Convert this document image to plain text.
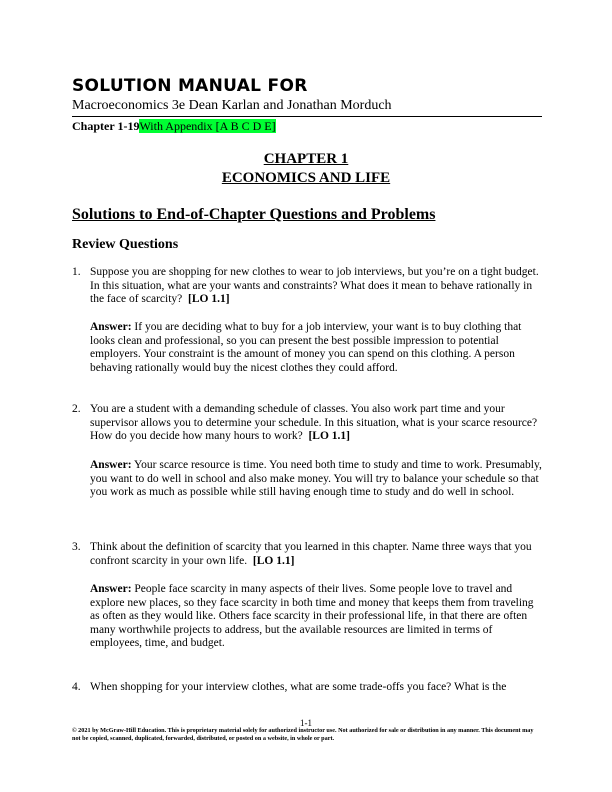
SOLUTION MANUAL FOR
Macroeconomics 3e Dean Karlan and Jonathan Morduch
Chapter 1-19With Appendix [A B C D E]
CHAPTER 1
ECONOMICS AND LIFE
Solutions to End-of-Chapter Questions and Problems
Review Questions
1. Suppose you are shopping for new clothes to wear to job interviews, but you’re on a tight budget. In this situation, what are your wants and constraints? What does it mean to behave rationally in the face of scarcity? [LO 1.1]
Answer: If you are deciding what to buy for a job interview, your want is to buy clothing that looks clean and professional, so you can present the best possible impression to potential employers. Your constraint is the amount of money you can spend on this clothing. A person behaving rationally would buy the nicest clothes they could afford.
2. You are a student with a demanding schedule of classes. You also work part time and your supervisor allows you to determine your schedule. In this situation, what is your scarce resource? How do you decide how many hours to work? [LO 1.1]
Answer: Your scarce resource is time. You need both time to study and time to work. Presumably, you want to do well in school and also make money. You will try to balance your schedule so that you work as much as possible while still having enough time to study and do well in school.
3. Think about the definition of scarcity that you learned in this chapter. Name three ways that you confront scarcity in your own life. [LO 1.1]
Answer: People face scarcity in many aspects of their lives. Some people love to travel and explore new places, so they face scarcity in both time and money that keeps them from traveling as often as they would like. Others face scarcity in their professional life, in that there are often many worthwhile projects to address, but the available resources are limited in terms of employees, time, and budget.
4. When shopping for your interview clothes, what are some trade-offs you face? What is the
1-1
© 2021 by McGraw-Hill Education. This is proprietary material solely for authorized instructor use. Not authorized for sale or distribution in any manner. This document may not be copied, scanned, duplicated, forwarded, distributed, or posted on a website, in whole or part.
